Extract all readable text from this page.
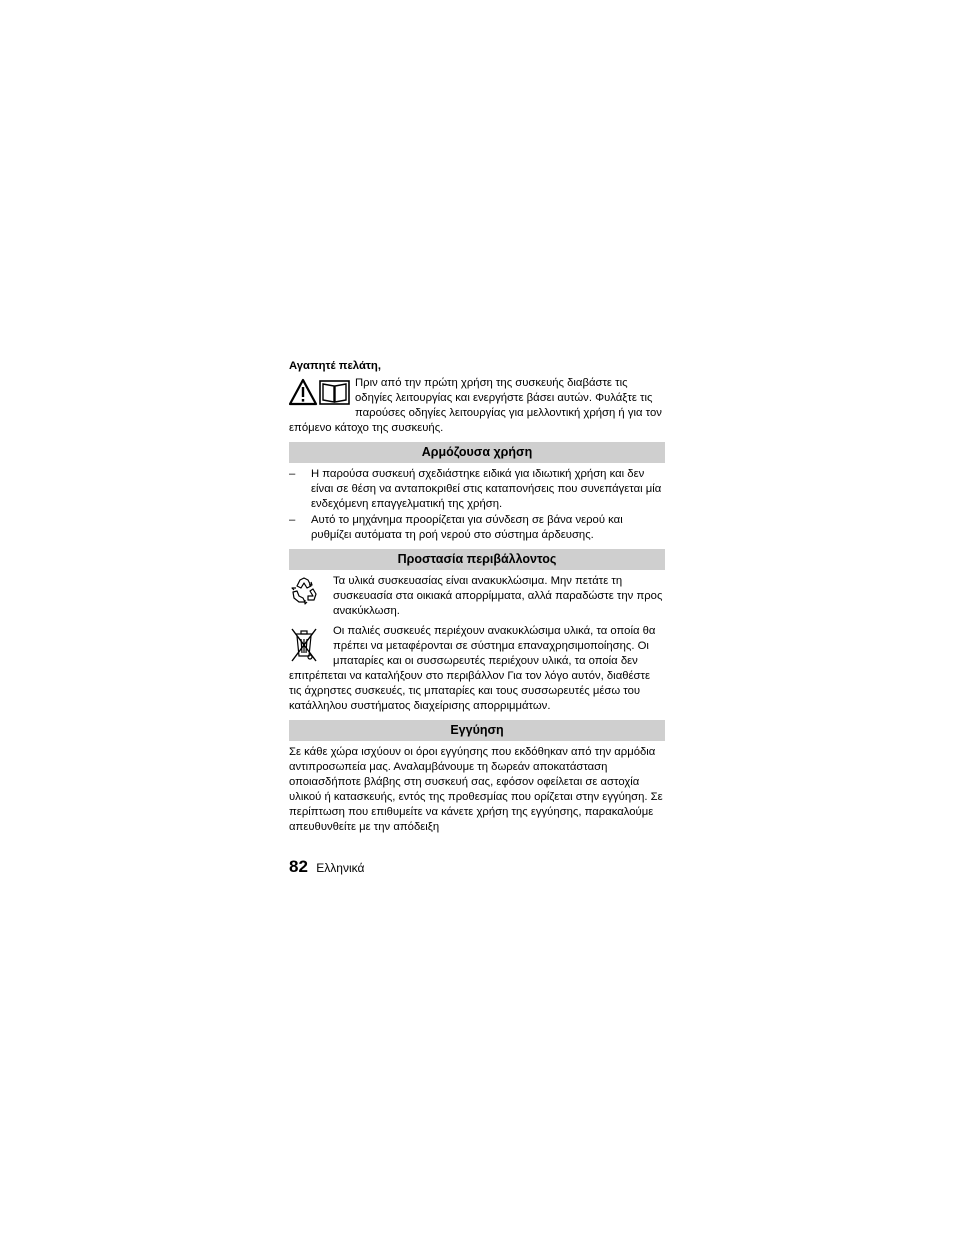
Αγαπητέ πελάτη,
Πριν από την πρώτη χρήση της συσκευής διαβάστε τις οδηγίες λειτουργίας και ενεργήστε βάσει αυτών. Φυλάξτε τις παρούσες οδηγίες λειτουργίας για μελλοντική χρήση ή για τον επόμενο κάτοχο της συσκευής.
Αρμόζουσα χρήση
– Η παρούσα συσκευή σχεδιάστηκε ειδικά για ιδιωτική χρήση και δεν είναι σε θέση να ανταποκριθεί στις καταπονήσεις που συνεπάγεται μία ενδεχόμενη επαγγελματική της χρήση.
– Αυτό το μηχάνημα προορίζεται για σύνδεση σε βάνα νερού και ρυθμίζει αυτόματα τη ροή νερού στο σύστημα άρδευσης.
Προστασία περιβάλλοντος
Τα υλικά συσκευασίας είναι ανακυκλώσιμα. Μην πετάτε τη συσκευασία στα οικιακά απορρίμματα, αλλά παραδώστε την προς ανακύκλωση.
Οι παλιές συσκευές περιέχουν ανακυκλώσιμα υλικά, τα οποία θα πρέπει να μεταφέρονται σε σύστημα επαναχρησιμοποίησης. Οι μπαταρίες και οι συσσωρευτές περιέχουν υλικά, τα οποία δεν επιτρέπεται να καταλήξουν στο περιβάλλον Για τον λόγο αυτόν, διαθέστε τις άχρηστες συσκευές, τις μπαταρίες και τους συσσωρευτές μέσω του κατάλληλου συστήματος διαχείρισης απορριμμάτων.
Εγγύηση
Σε κάθε χώρα ισχύουν οι όροι εγγύησης που εκδόθηκαν από την αρμόδια αντιπροσωπεία μας. Αναλαμβάνουμε τη δωρεάν αποκατάσταση οποιασδήποτε βλάβης στη συσκευή σας, εφόσον οφείλεται σε αστοχία υλικού ή κατασκευής, εντός της προθεσμίας που ορίζεται στην εγγύηση. Σε περίπτωση που επιθυμείτε να κάνετε χρήση της εγγύησης, παρακαλούμε απευθυνθείτε με την απόδειξη
82 Ελληνικά
